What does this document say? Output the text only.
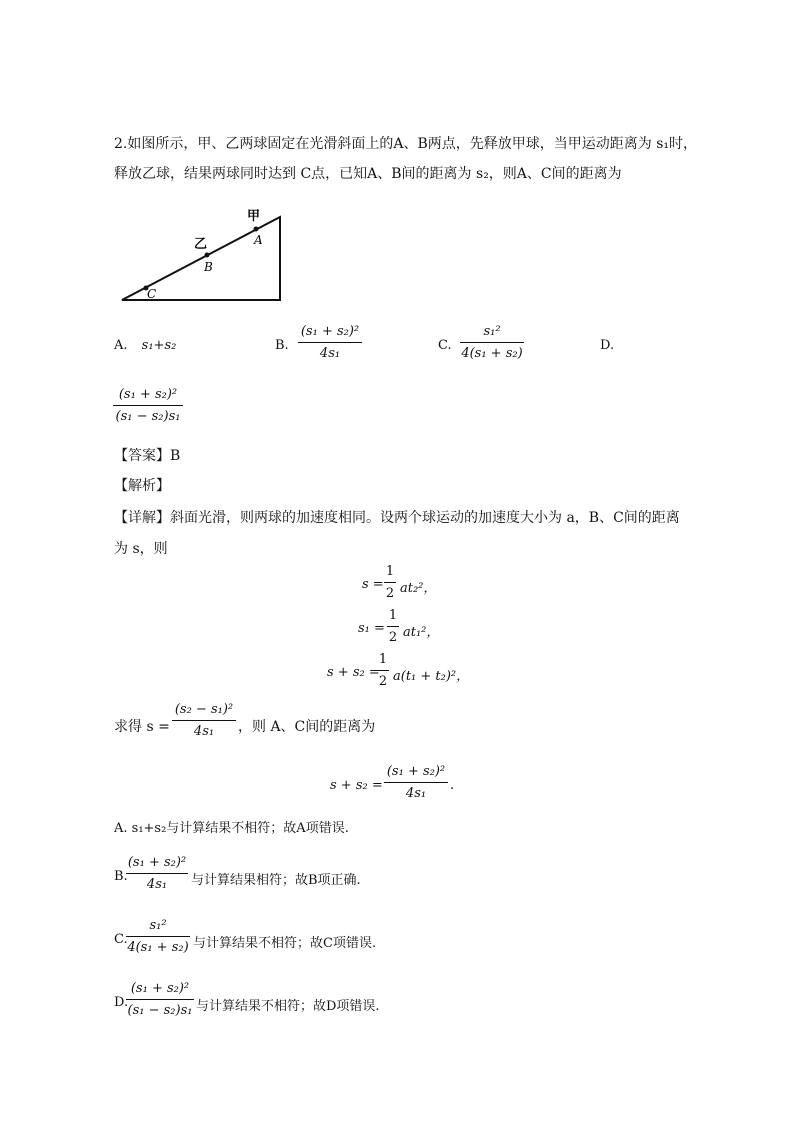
2.如图所示，甲、乙两球固定在光滑斜面上的A、B两点，先释放甲球，当甲运动距离为 s₁时，
释放乙球，结果两球同时达到 C点，已知A、B间的距离为 s₂，则A、C间的距离为
甲
乙	A
B
C
A. s₁+s₂	B.
(s₁ + s₂)²
4s₁
C.
s₁²
4(s₁ + s₂)
D.
(s₁ + s₂)²
(s₁ − s₂)s₁
【答案】B
【解析】
【详解】斜面光滑，则两球的加速度相同。设两个球运动的加速度大小为 a，B、C间的距离
为 s，则
s =
1
2 at₂²，
s₁ =
1
2 at₁²，
s + s₂ =
1
2 a(t₁ + t₂)²，
求得 s =
(s₂ − s₁)²
4s₁	，则 A、C间的距离为
s + s₂ =
(s₁ + s₂)²
4s₁
.
A. s₁+s₂与计算结果不相符；故A项错误.
B.
(s₁ + s₂)²
4s₁	与计算结果相符；故B项正确.
C.
s₁²
4(s₁ + s₂) 与计算结果不相符；故C项错误.
D.
(s₁ + s₂)²
(s₁ − s₂)s₁ 与计算结果不相符；故D项错误.
